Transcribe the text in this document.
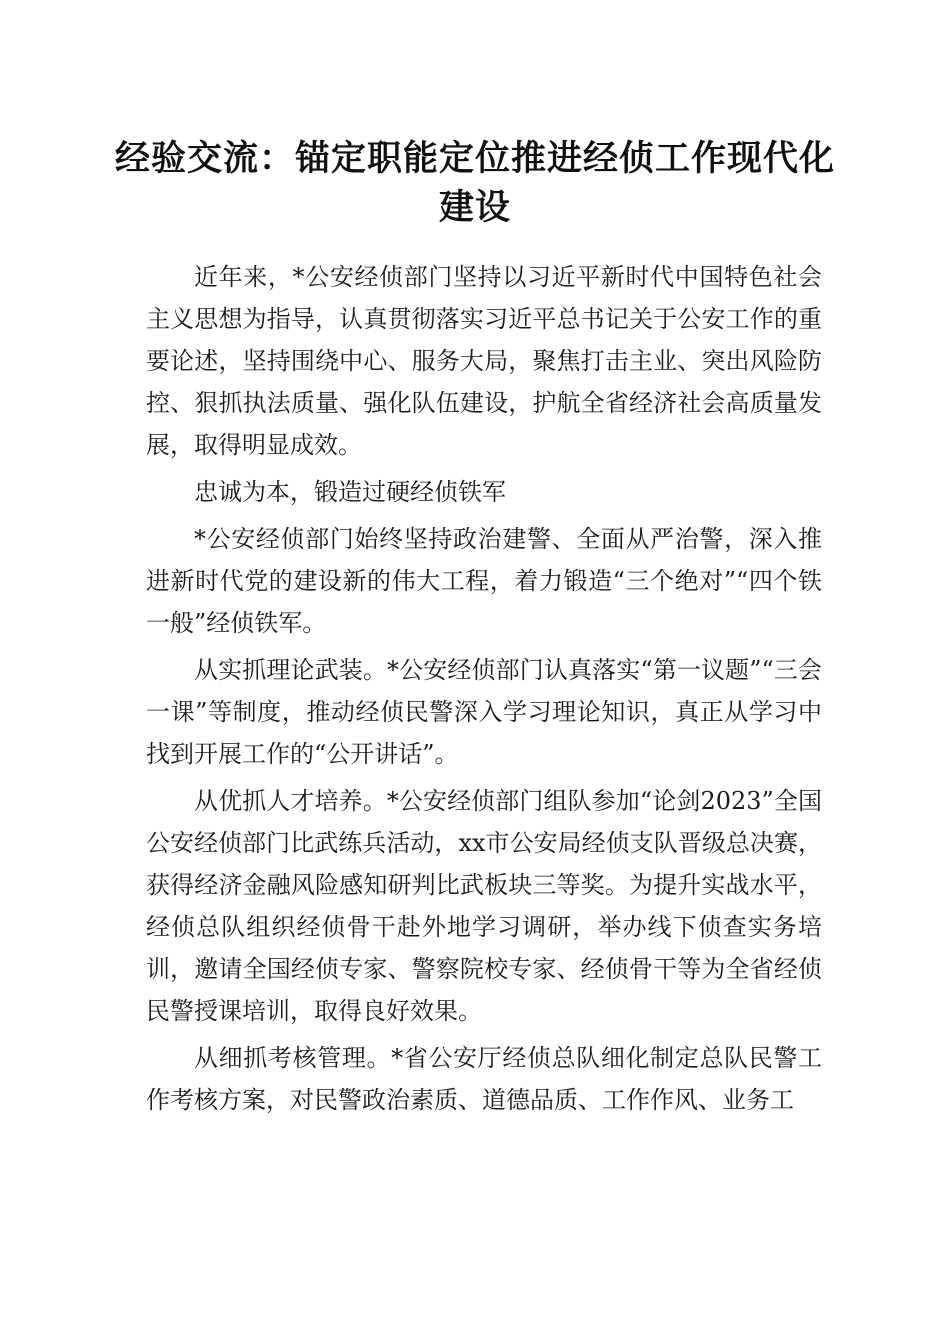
经验交流：锚定职能定位推进经侦工作现代化建设

近年来，*公安经侦部门坚持以习近平新时代中国特色社会主义思想为指导，认真贯彻落实习近平总书记关于公安工作的重要论述，坚持围绕中心、服务大局，聚焦打击主业、突出风险防控、狠抓执法质量、强化队伍建设，护航全省经济社会高质量发展，取得明显成效。

忠诚为本，锻造过硬经侦铁军

*公安经侦部门始终坚持政治建警、全面从严治警，深入推进新时代党的建设新的伟大工程，着力锻造“三个绝对”“四个铁一般”经侦铁军。

从实抓理论武装。*公安经侦部门认真落实“第一议题”“三会一课”等制度，推动经侦民警深入学习理论知识，真正从学习中找到开展工作的“公开讲话”。

从优抓人才培养。*公安经侦部门组队参加“论剑2023”全国公安经侦部门比武练兵活动，xx市公安局经侦支队晋级总决赛，获得经济金融风险感知研判比武板块三等奖。为提升实战水平，经侦总队组织经侦骨干赴外地学习调研，举办线下侦查实务培训，邀请全国经侦专家、警察院校专家、经侦骨干等为全省经侦民警授课培训，取得良好效果。

从细抓考核管理。*省公安厅经侦总队细化制定总队民警工作考核方案，对民警政治素质、道德品质、工作作风、业务工
